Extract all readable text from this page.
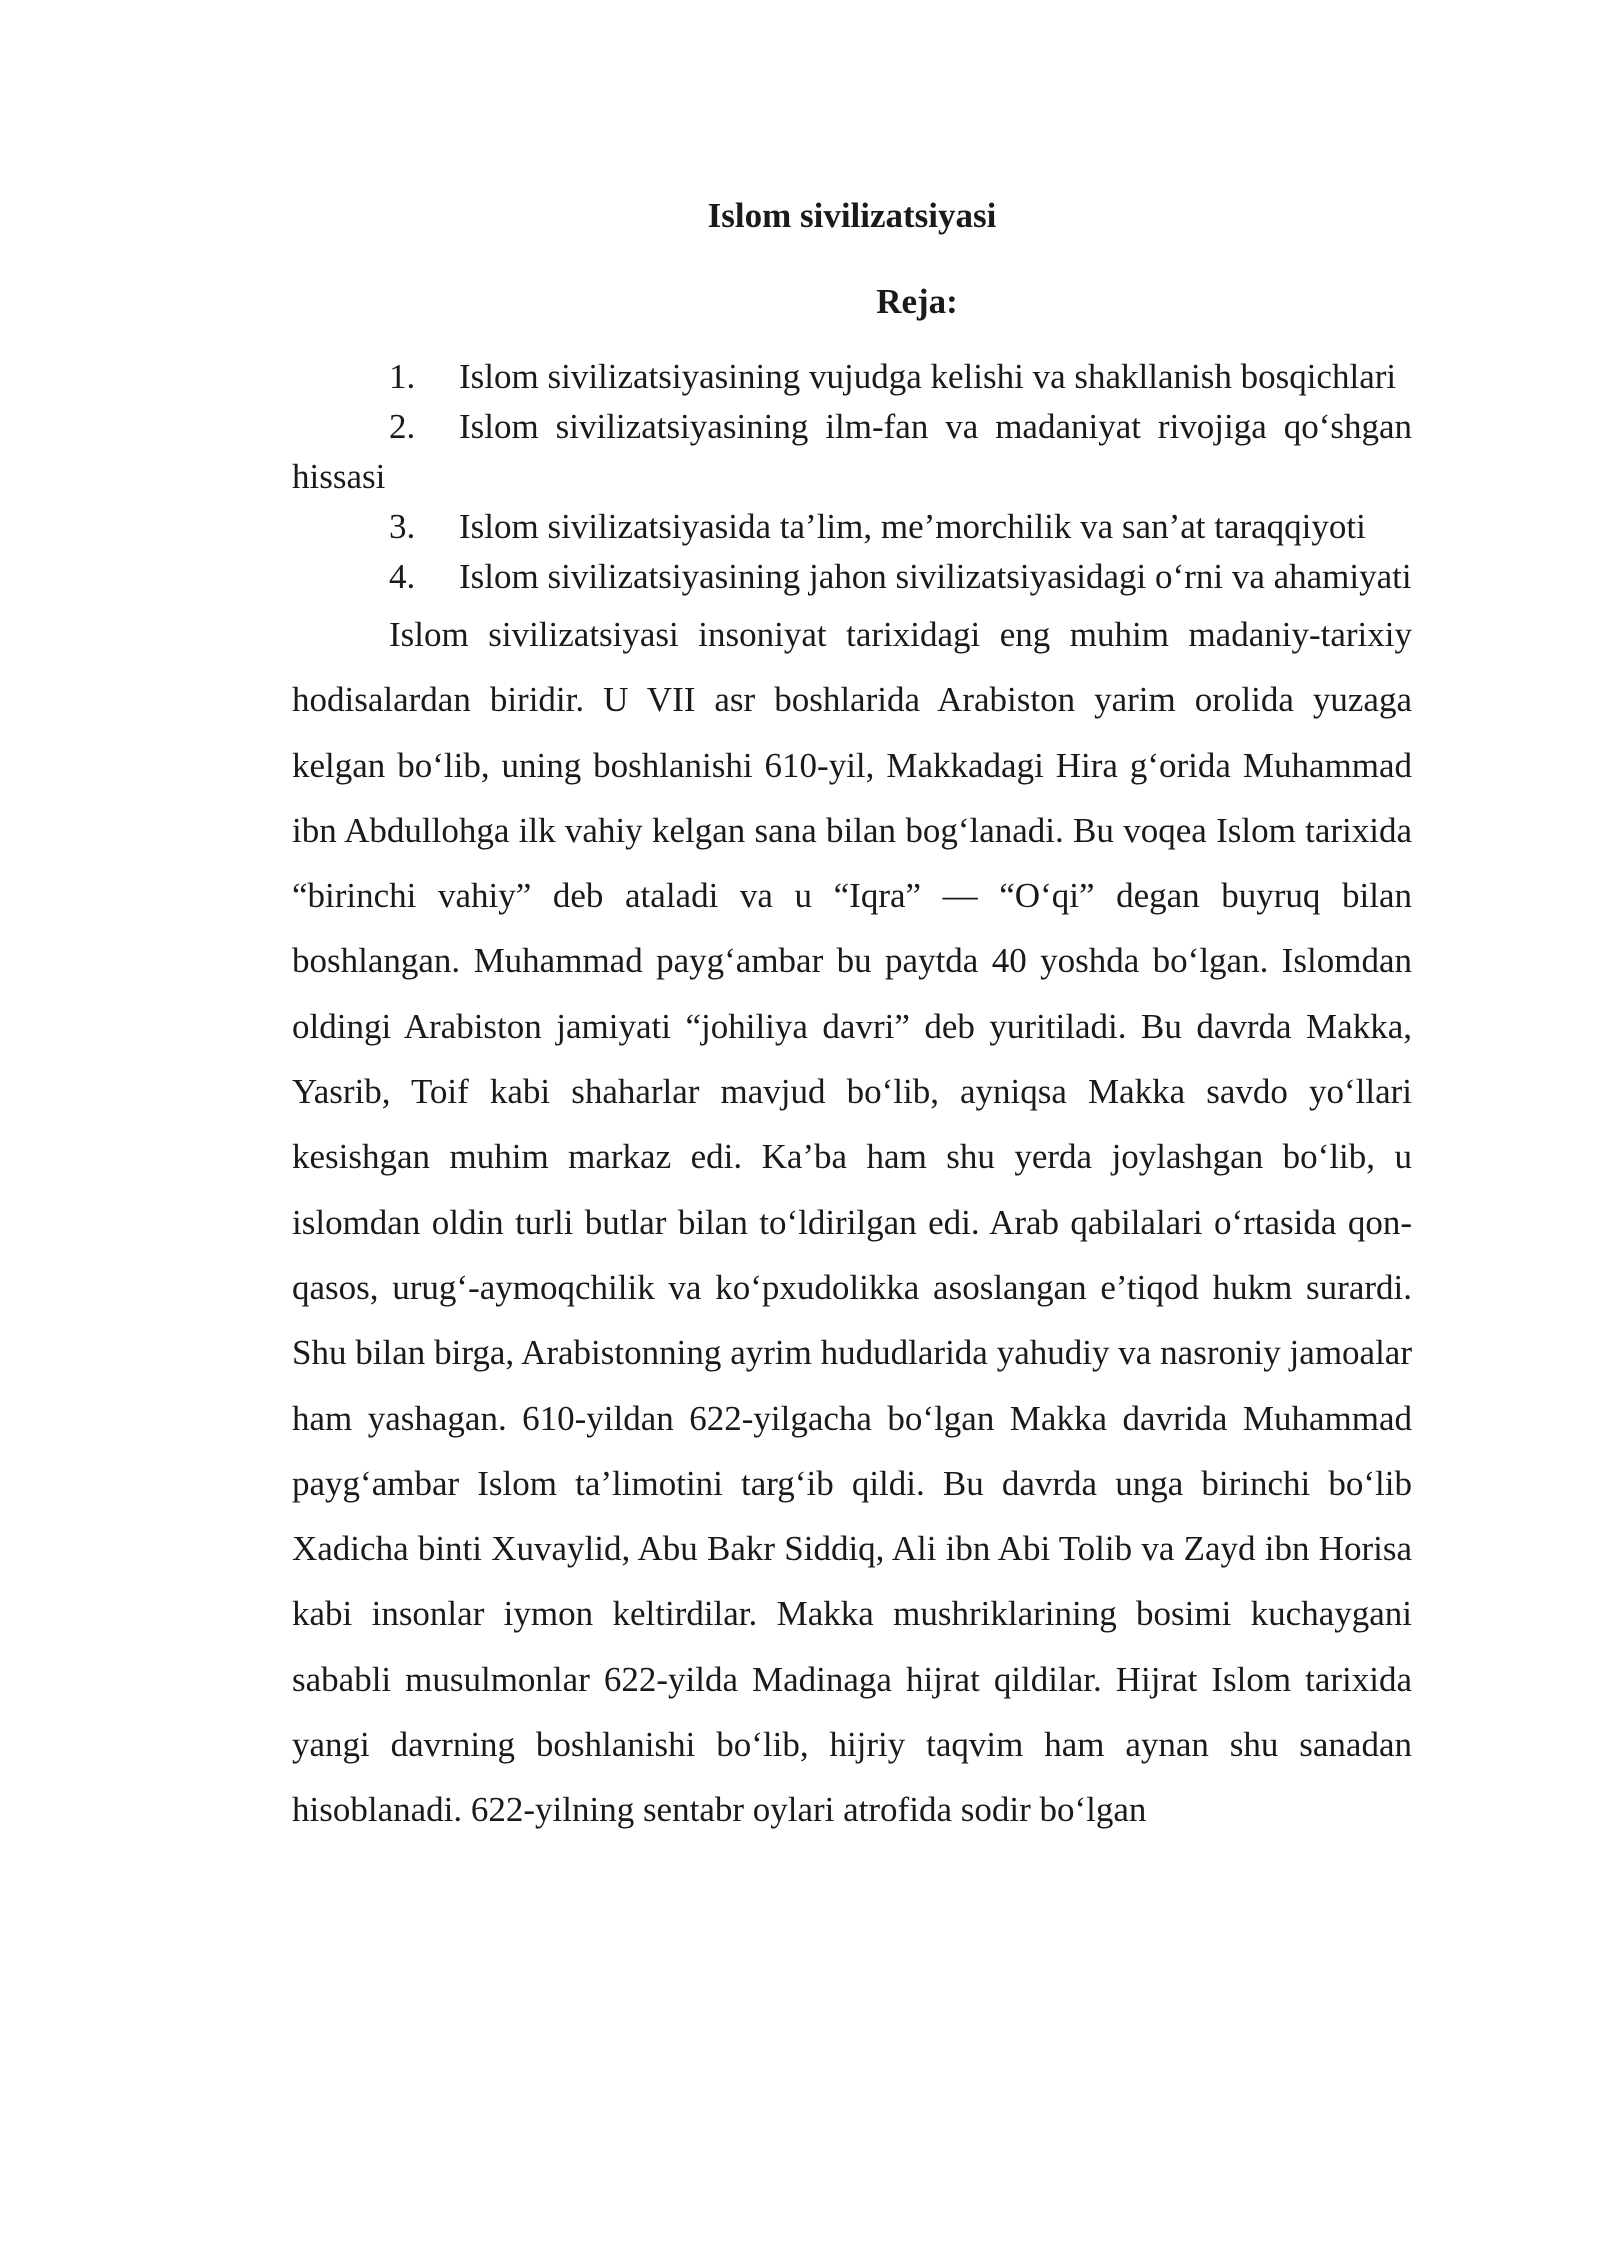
Islom sivilizatsiyasi
Reja:
1. Islom sivilizatsiyasining vujudga kelishi va shakllanish bosqichlari
2. Islom sivilizatsiyasining ilm-fan va madaniyat rivojiga qo‘shgan hissasi
3. Islom sivilizatsiyasida ta’lim, me’morchilik va san’at taraqqiyoti
4. Islom sivilizatsiyasining jahon sivilizatsiyasidagi o‘rni va ahamiyati

Islom sivilizatsiyasi insoniyat tarixidagi eng muhim madaniy-tarixiy hodisalardan biridir. U VII asr boshlarida Arabiston yarim orolida yuzaga kelgan bo‘lib, uning boshlanishi 610-yil, Makkadagi Hira g‘orida Muhammad ibn Abdullohga ilk vahiy kelgan sana bilan bog‘lanadi. Bu voqea Islom tarixida “birinchi vahiy” deb ataladi va u “Iqra” — “O‘qi” degan buyruq bilan boshlangan. Muhammad payg‘ambar bu paytda 40 yoshda bo‘lgan. Islomdan oldingi Arabiston jamiyati “johiliya davri” deb yuritiladi. Bu davrda Makka, Yasrib, Toif kabi shaharlar mavjud bo‘lib, ayniqsa Makka savdo yo‘llari kesishgan muhim markaz edi. Ka’ba ham shu yerda joylashgan bo‘lib, u islomdan oldin turli butlar bilan to‘ldirilgan edi. Arab qabilalari o‘rtasida qon-qasos, urug‘-aymoqchilik va ko‘pxudolikka asoslangan e’tiqod hukm surardi. Shu bilan birga, Arabistonning ayrim hududlarida yahudiy va nasroniy jamoalar ham yashagan. 610-yildan 622-yilgacha bo‘lgan Makka davrida Muhammad payg‘ambar Islom ta’limotini targ‘ib qildi. Bu davrda unga birinchi bo‘lib Xadicha binti Xuvaylid, Abu Bakr Siddiq, Ali ibn Abi Tolib va Zayd ibn Horisa kabi insonlar iymon keltirdilar. Makka mushriklarining bosimi kuchaygani sababli musulmonlar 622-yilda Madinaga hijrat qildilar. Hijrat Islom tarixida yangi davrning boshlanishi bo‘lib, hijriy taqvim ham aynan shu sanadan hisoblanadi. 622-yilning sentabr oylari atrofida sodir bo‘lgan
